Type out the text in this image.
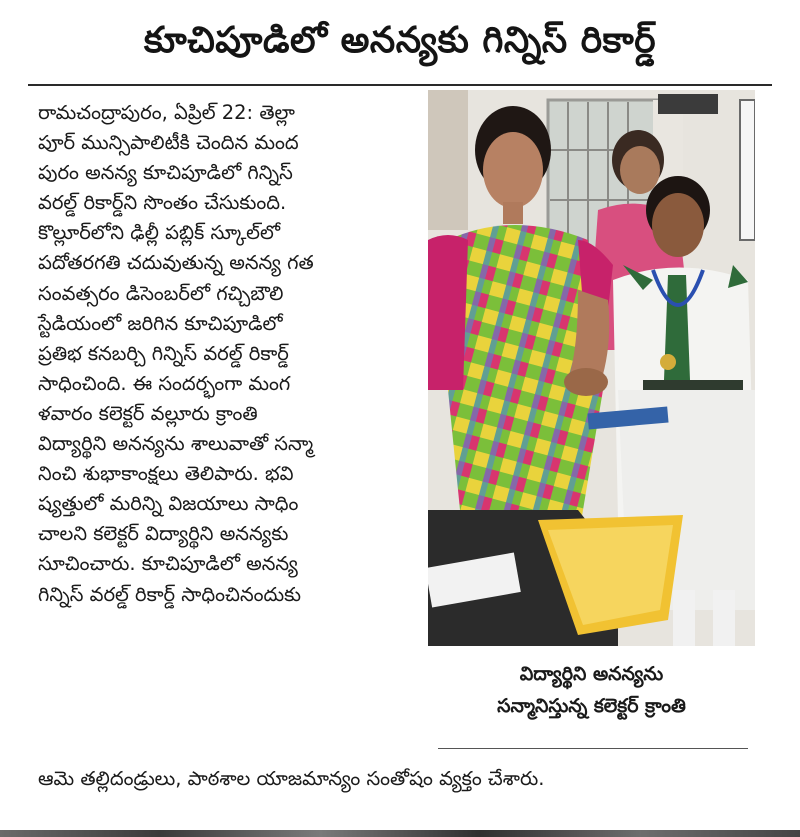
కూచిపూడిలో అనన్యకు గిన్నిస్ రికార్డ్

రామచంద్రాపురం, ఏప్రిల్ 22: తెల్లా

పూర్ మున్సిపాలిటీకి చెందిన మంద

పురం అనన్య కూచిపూడిలో గిన్నిస్

వరల్డ్ రికార్డ్‌ని సొంతం చేసుకుంది.

కొల్లూర్‌లోని ఢిల్లీ పబ్లిక్ స్కూల్‌లో

పదోతరగతి చదువుతున్న అనన్య గత

సంవత్సరం డిసెంబర్‌లో గచ్చిబౌలి

స్టేడియంలో జరిగిన కూచిపూడిలో

ప్రతిభ కనబర్చి గిన్నిస్ వరల్డ్ రికార్డ్

సాధించింది. ఈ సందర్భంగా మంగ

ళవారం కలెక్టర్ వల్లూరు క్రాంతి

విద్యార్థిని అనన్యను శాలువాతో సన్మా

నించి శుభాకాంక్షలు తెలిపారు. భవి

ష్యత్తులో మరిన్ని విజయాలు సాధిం

చాలని కలెక్టర్ విద్యార్థిని అనన్యకు

సూచించారు. కూచిపూడిలో అనన్య

గిన్నిస్ వరల్డ్ రికార్డ్ సాధించినందుకు

ఆమె తల్లిదండ్రులు, పాఠశాల యాజమాన్యం సంతోషం వ్యక్తం చేశారు.
విద్యార్థిని అనన్యను
సన్మానిస్తున్న కలెక్టర్ క్రాంతి
